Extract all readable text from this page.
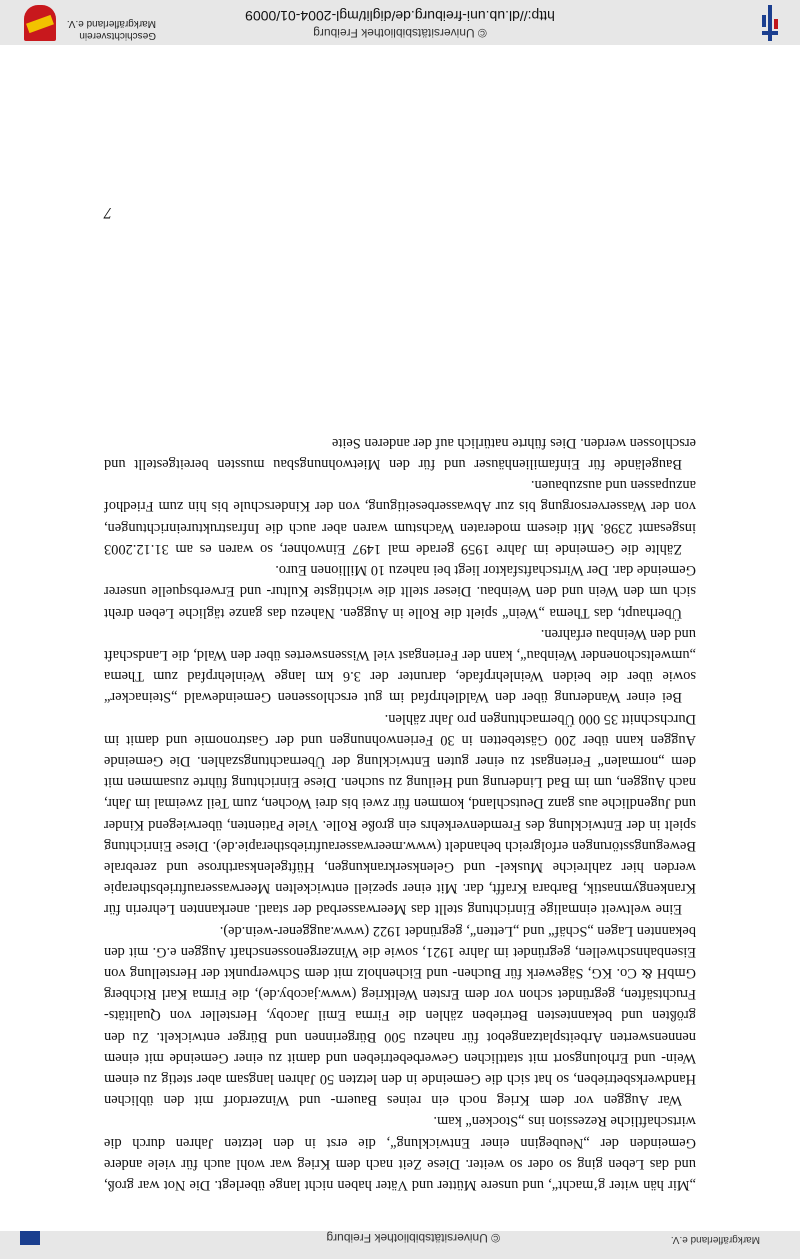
Markgräflerland e.V.
© Universitätsbibliothek Freiburg

„Mir hän witer g’macht“, und unsere Mütter und Väter haben nicht lange überlegt. Die Not war groß, und das Leben ging so oder so weiter. Diese Zeit nach dem Krieg war wohl auch für viele andere Gemeinden der „Neubeginn einer Entwicklung“, die erst in den letzten Jahren durch die wirtschaftliche Rezession ins „Stocken“ kam.

War Auggen vor dem Krieg noch ein reines Bauern- und Winzerdorf mit den üblichen Handwerksbetrieben, so hat sich die Gemeinde in den letzten 50 Jahren langsam aber stetig zu einem Wein- und Erholungsort mit stattlichen Gewerbebetrieben und damit zu einer Gemeinde mit einem nennenswerten Arbeitsplatzangebot für nahezu 500 Bürgerinnen und Bürger entwickelt. Zu den größten und bekanntesten Betrieben zählen die Firma Emil Jacoby, Hersteller von Qualitäts-Fruchtsäften, gegründet schon vor dem Ersten Weltkrieg (www.jacoby.de), die Firma Karl Richberg GmbH & Co. KG, Sägewerk für Buchen- und Eichenholz mit dem Schwerpunkt der Herstellung von Eisenbahnschwellen, gegründet im Jahre 1921, sowie die Winzergenossenschaft Auggen e.G. mit den bekannten Lagen „Schäf“ und „Letten“, gegründet 1922 (www.auggener-wein.de).

Eine weltweit einmalige Einrichtung stellt das Meerwasserbad der staatl. anerkannten Lehrerin für Krankengymnastik, Barbara Krafft, dar. Mit einer speziell entwickelten Meerwasserauftriebstherapie werden hier zahlreiche Muskel- und Gelenkserkrankungen, Hüftgelenksarthrose und zerebrale Bewegungsstörungen erfolgreich behandelt (www.meerwasserauftriebstherapie.de). Diese Einrichtung spielt in der Entwicklung des Fremdenverkehrs ein große Rolle. Viele Patienten, überwiegend Kinder und Jugendliche aus ganz Deutschland, kommen für zwei bis drei Wochen, zum Teil zweimal im Jahr, nach Auggen, um im Bad Linderung und Heilung zu suchen. Diese Einrichtung führte zusammen mit dem „normalen“ Feriengast zu einer guten Entwicklung der Übernachtungszahlen. Die Gemeinde Auggen kann über 200 Gästebetten in 30 Ferienwohnungen und der Gastronomie und damit im Durchschnitt 35 000 Übernachtungen pro Jahr zählen.

Bei einer Wanderung über den Waldlehrpfad im gut erschlossenen Gemeindewald „Steinacker“ sowie über die beiden Weinlehrpfade, darunter der 3.6 km lange Weinlehrpfad zum Thema „umweltschonender Weinbau“, kann der Feriengast viel Wissenswertes über den Wald, die Landschaft und den Weinbau erfahren.

Überhaupt, das Thema „Wein“ spielt die Rolle in Auggen. Nahezu das ganze tägliche Leben dreht sich um den Wein und den Weinbau. Dieser stellt die wichtigste Kultur- und Erwerbsquelle unserer Gemeinde dar. Der Wirtschaftsfaktor liegt bei nahezu 10 Millionen Euro.

Zählte die Gemeinde im Jahre 1959 gerade mal 1497 Einwohner, so waren es am 31.12.2003 insgesamt 2398. Mit diesem moderaten Wachstum waren aber auch die Infrastruktureinrichtungen, von der Wasserversorgung bis zur Abwasserbeseitigung, von der Kinderschule bis hin zum Friedhof anzupassen und auszubauen.

Baugelände für Einfamilienhäuser und für den Mietwohnungsbau mussten bereitgestellt und erschlossen werden. Dies führte natürlich auf der anderen Seite

7
© Universitätsbibliothek Freiburg
http://dl.ub.uni-freiburg.de/diglit/mgl-2004-01/0009
Geschichtsverein
Markgräflerland e.V.
